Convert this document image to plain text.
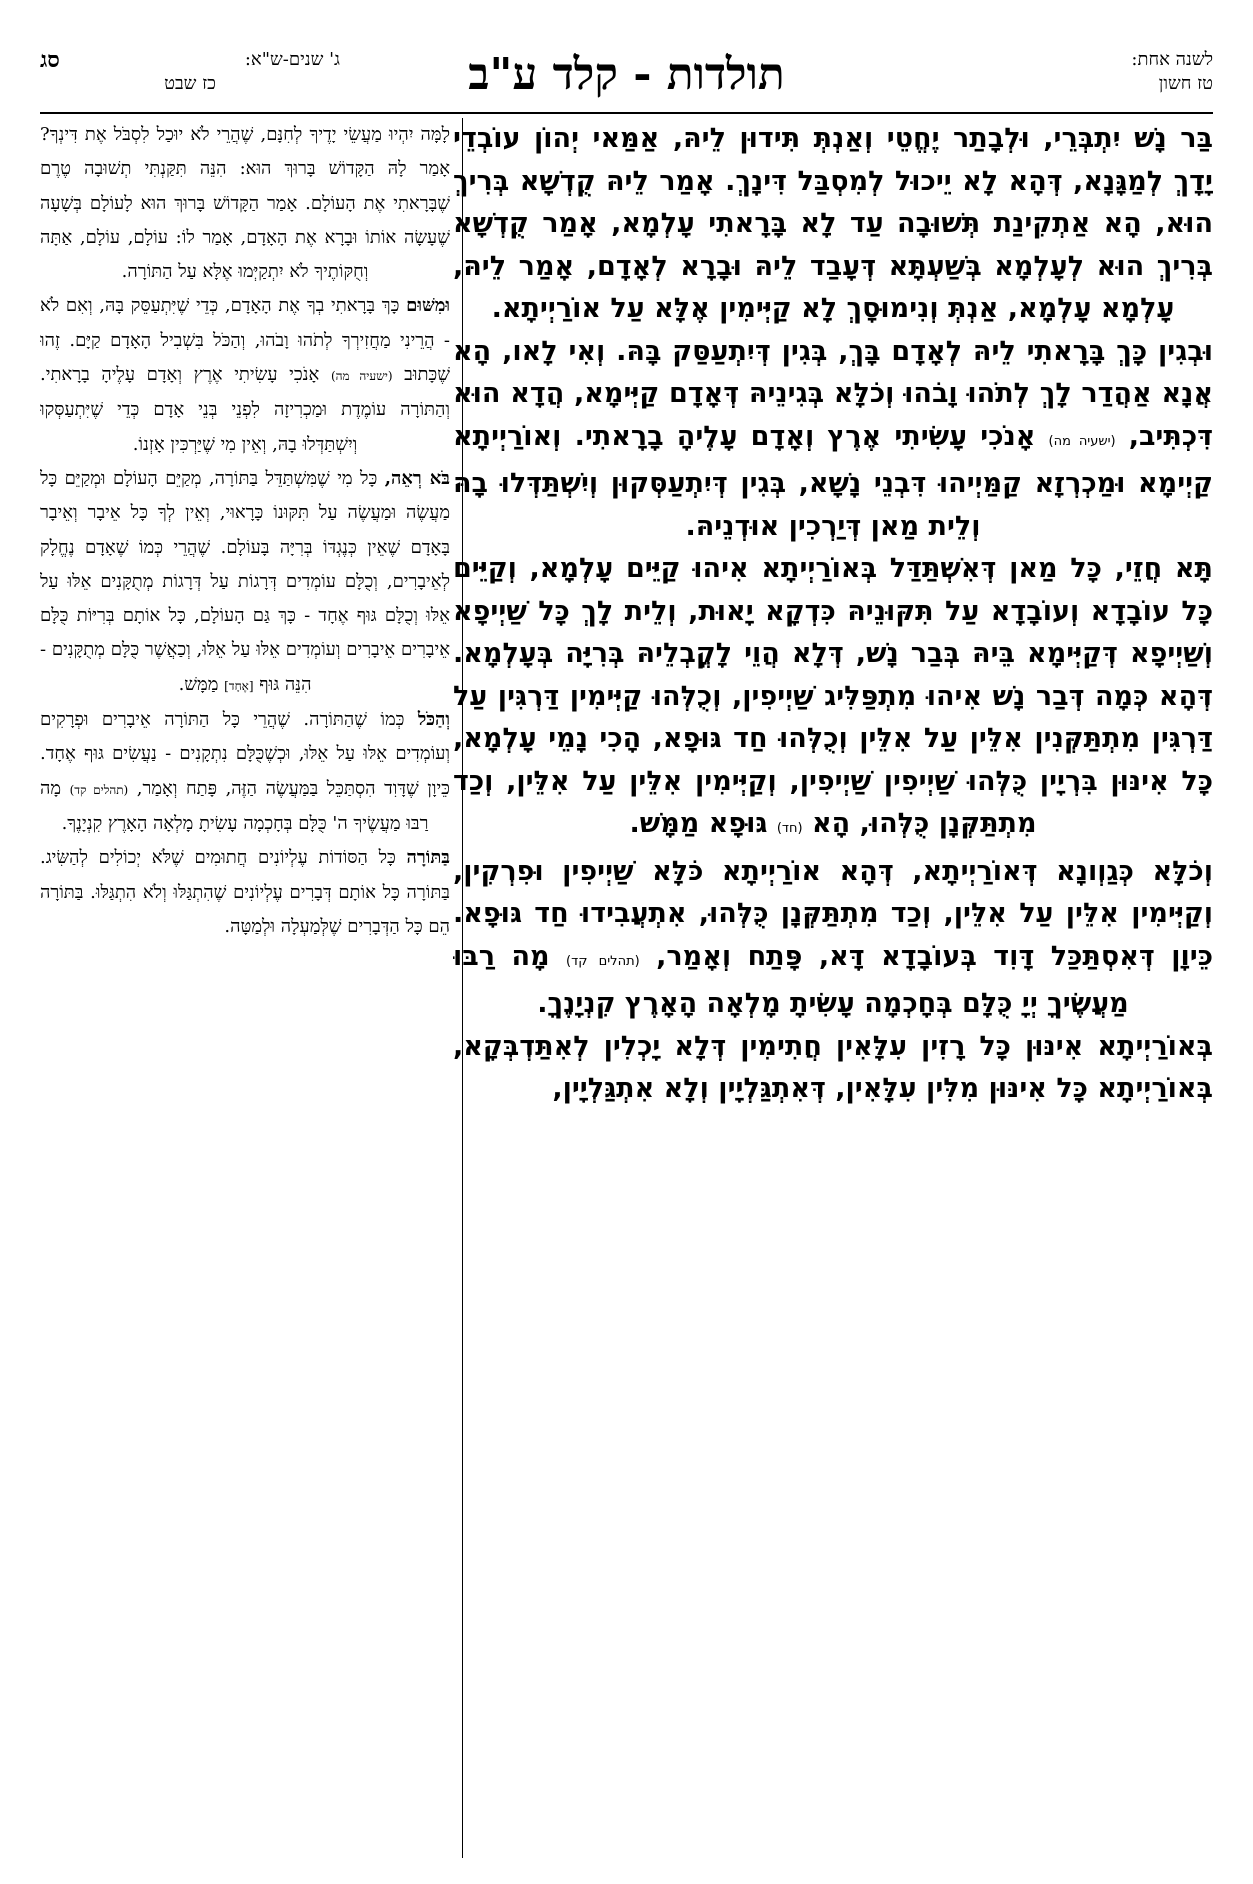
לשנה אחת:
טז חשון
תולדות - קלד ע"ב
ג' שנים-ש"א:
סג
כז שבט

בַּר נָשׁ יִתְבְּרֵי, וּלְבָתַר יֶחֱטֵי וְאַנְתְּ תִּידוּן לֵיהּ, אַמַּאי יְהוֹן עוֹבְדֵי יָדָךְ לְמַגָּנָא, דְּהָא לָא יֵיכוּל לְמִסְבַּל דִּינָךְ. אָמַר לֵיהּ קֻדְשָׁא בְּרִיךְ הוּא, הָא אַתְקִינַת תְּשׁוּבָה עַד לָא בָּרָאתִי עָלְמָא, אָמַר קֻדְשָׁא בְּרִיךְ הוּא לְעָלְמָא בְּשַׁעְתָּא דְּעָבַד לֵיהּ וּבָרָא לְאָדָם, אָמַר לֵיהּ, עָלְמָא עָלְמָא, אַנְתְּ וְנִימוּסָךְ לָא קַיְּימִין אֶלָּא עַל אוֹרַיְיתָא.

וּבְגִין כָּךְ בָּרָאתִי לֵיהּ לְאָדָם בָּךְ, בְּגִין דְּיִתְעַסַּק בָּהּ. וְאִי לָאו, הָא אֲנָא אַהֲדַר לָךְ לְתֹהוּ וָבֹהוּ וְכֹלָּא בְּגִינֵיהּ דְּאָדָם קַיְּימָא, הֲדָא הוּא דִּכְתִּיב, (ישעיה מה) אָנֹכִי עָשִׂיתִי אֶרֶץ וְאָדָם עָלֶיהָ בָרָאתִי. וְאוֹרַיְיתָא קַיְימָא וּמַכְרְזָא קַמַּיְיהוּ דִּבְנֵי נָשָׁא, בְּגִין דְּיִתְעַסְּקוּן וְיִשְׁתַּדְּלוּ בָהּ וְלֵית מַאן דְּיַרְכִין אוּדְנֵיהּ.

תָּא חֲזֵי, כָּל מַאן דְּאִשְׁתַּדַּל בְּאוֹרַיְיתָא אִיהוּ קַיֵּים עָלְמָא, וְקַיֵּים כָּל עוֹבָדָא וְעוֹבָדָא עַל תִּקּוּנֵיהּ כִּדְקָא יָאוּת, וְלֵית לָךְ כָּל שַׁיְיפָא וְשַׁיְיפָא דְּקַיְּימָא בֵּיהּ בְּבַר נָשׁ, דְּלָא הֲוֵי לָקֳבְלֵיהּ בְּרִיָּה בְּעָלְמָא. דְּהָא כְּמָה דְּבַר נָשׁ אִיהוּ מִתְפַּלִּיג שַׁיְיפִין, וְכֻלְּהוּ קַיְּימִין דַּרְגִּין עַל דַּרְגִּין מִתְתַּקְּנִין אִלֵּין עַל אִלֵּין וְכֻלְּהוּ חַד גּוּפָא, הָכִי נָמֵי עָלְמָא, כָּל אִינּוּן בִּרְיָין כֻּלְּהוּ שַׁיְיפִין שַׁיְיפִין, וְקַיְּימִין אִלֵּין עַל אִלֵּין, וְכַד מִתְתַּקְּנָן כֻּלְּהוּ, הָא (חד) גּוּפָא מַמָּשׁ.

וְכֹלָּא כְּגַוְונָא דְּאוֹרַיְיתָא, דְּהָא אוֹרַיְיתָא כֹּלָּא שַׁיְיפִין וּפִרְקִין, וְקַיְּימִין אִלֵּין עַל אִלֵּין, וְכַד מִתְתַּקְּנָן כֻּלְּהוּ, אִתְעֲבִידוּ חַד גּוּפָא. כֵּיוָן דְּאִסְתַּכַּל דָּוִד בְּעוֹבָדָא דָּא, פָּתַח וְאָמַר, (תהלים קד) מָה רַבּוּ מַעֲשֶׂיךָ יְיָ כֻּלָּם בְּחָכְמָה עָשִׂיתָ מָלְאָה הָאָרֶץ קִנְיָנֶךָ.

בְּאוֹרַיְיתָא אִינּוּן כָּל רָזִין עִלָּאִין חֲתִימִין דְּלָא יָכְלִין לְאִתַּדְבְּקָא, בְּאוֹרַיְיתָא כָּל אִינּוּן מִלִּין עִלָּאִין, דְּאִתְגַּלְיָין וְלָא אִתְגַּלְיָין,

לָמָּה יִהְיוּ מַעֲשֵׂי יָדֶיךָ לְחִנָּם, שֶׁהֲרֵי לֹא יוּכַל לִסְבֹּל אֶת דִּינְךָ? אָמַר לָהּ הַקָּדוֹשׁ בָּרוּךְ הוּא: הִנֵּה תִּקַּנְתִּי תְשׁוּבָה טֶרֶם שֶׁבָּרָאתִי אֶת הָעוֹלָם. אָמַר הַקָּדוֹשׁ בָּרוּךְ הוּא לָעוֹלָם בְּשָׁעָה שֶׁעָשָׂה אוֹתוֹ וּבָרָא אֶת הָאָדָם, אָמַר לוֹ: עוֹלָם, עוֹלָם, אַתָּה וְחֻקּוֹתֶיךָ לֹא יִתְקַיְּמוּ אֶלָּא עַל הַתּוֹרָה.

וּמִשּׁוּם כָּךְ בָּרָאתִי בְךָ אֶת הָאָדָם, כְּדֵי שֶׁיִּתְעַסֵּק בָּהּ, וְאִם לֹא - הֲרֵינִי מַחֲזִירְךָ לְתֹהוּ וָבֹהוּ, וְהַכֹּל בִּשְׁבִיל הָאָדָם קַיָּם. זֶהוּ שֶׁכָּתוּב (ישעיה מה) אָנֹכִי עָשִׂיתִי אֶרֶץ וְאָדָם עָלֶיהָ בָרָאתִי. וְהַתּוֹרָה עוֹמֶדֶת וּמַכְרִיזָה לִפְנֵי בְּנֵי אָדָם כְּדֵי שֶׁיִּתְעַסְּקוּ וְיִשְׁתַּדְּלוּ בָהּ, וְאֵין מִי שֶׁיַּרְכִּין אָזְנוֹ.

בֹּא רְאֵה, כָּל מִי שֶׁמִּשְׁתַּדֵּל בַּתּוֹרָה, מְקַיֵּם הָעוֹלָם וּמְקַיֵּם כָּל מַעֲשֶׂה וּמַעֲשֶׂה עַל תִּקּוּנוֹ כָּרָאוּי, וְאֵין לְךָ כָּל אֵיבָר וְאֵיבָר בָּאָדָם שֶׁאֵין כְּנֶגְדּוֹ בְּרִיָּה בָּעוֹלָם. שֶׁהֲרֵי כְּמוֹ שֶׁאָדָם נֶחֱלָק לְאֵיבָרִים, וְכֻלָּם עוֹמְדִים דְּרָגוֹת עַל דְּרָגוֹת מְתֻקָּנִים אֵלּוּ עַל אֵלּוּ וְכֻלָּם גּוּף אֶחָד - כָּךְ גַּם הָעוֹלָם, כָּל אוֹתָם בְּרִיּוֹת כֻּלָּם אֵיבָרִים אֵיבָרִים וְעוֹמְדִים אֵלּוּ עַל אֵלּוּ, וְכַאֲשֶׁר כֻּלָּם מְתֻקָּנִים - הִנֵּה גּוּף [אֶחָד] מַמָּשׁ.

וְהַכֹּל כְּמוֹ שֶׁהַתּוֹרָה. שֶׁהֲרֵי כָּל הַתּוֹרָה אֵיבָרִים וּפְרָקִים וְעוֹמְדִים אֵלּוּ עַל אֵלּוּ, וּכְשֶׁכֻּלָּם נִתְקָנִים - נַעֲשִׂים גּוּף אֶחָד. כֵּיוָן שֶׁדָּוִד הִסְתַּכֵּל בַּמַּעֲשֶׂה הַזֶּה, פָּתַח וְאָמַר, (תהלים קד) מָה רַבּוּ מַעֲשֶׂיךָ ה' כֻּלָּם בְּחָכְמָה עָשִׂיתָ מָלְאָה הָאָרֶץ קִנְיָנֶךָ.

בַּתּוֹרָה כָּל הַסּוֹדוֹת עֶלְיוֹנִים חֲתוּמִים שֶׁלֹּא יְכוֹלִים לְהַשִּׂיג. בַּתּוֹרָה כָּל אוֹתָם דְּבָרִים עֶלְיוֹנִים שֶׁהִתְגַּלּוּ וְלֹא הִתְגַּלּוּ. בַּתּוֹרָה הֵם כָּל הַדְּבָרִים שֶׁלְּמַעְלָה וּלְמַטָּה.
